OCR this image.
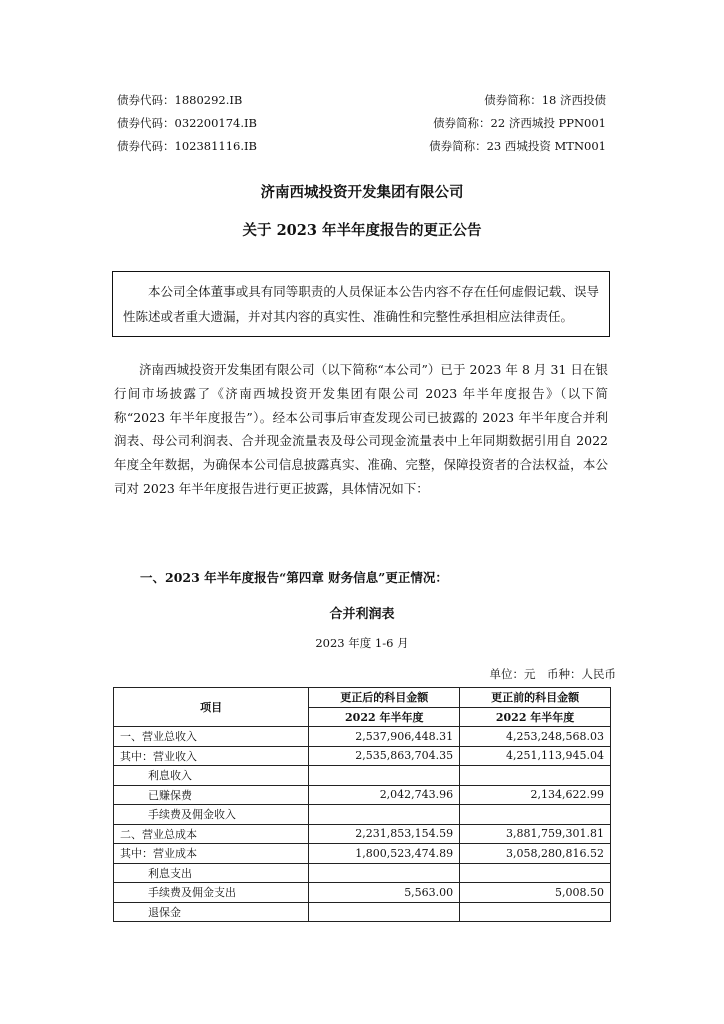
债券代码：1880292.IB	债券简称：18 济西投债
债券代码：032200174.IB	债券简称：22 济西城投 PPN001
债券代码：102381116.IB	债券简称：23 西城投资 MTN001
济南西城投资开发集团有限公司
关于 2023 年半年度报告的更正公告
本公司全体董事或具有同等职责的人员保证本公告内容不存在任何虚假记载、误导性陈述或者重大遗漏，并对其内容的真实性、准确性和完整性承担相应法律责任。
济南西城投资开发集团有限公司（以下简称“本公司”）已于 2023 年 8 月 31 日在银行间市场披露了《济南西城投资开发集团有限公司 2023 年半年度报告》（以下简称“2023 年半年度报告”）。经本公司事后审查发现公司已披露的 2023 年半年度合并利润表、母公司利润表、合并现金流量表及母公司现金流量表中上年同期数据引用自 2022 年度全年数据，为确保本公司信息披露真实、准确、完整，保障投资者的合法权益，本公司对 2023 年半年度报告进行更正披露，具体情况如下：
一、2023 年半年度报告“第四章 财务信息”更正情况：
合并利润表
2023 年度 1-6 月
单位：元　币种：人民币
项目	更正后的科目金额	更正前的科目金额
	2022 年半年度	2022 年半年度
一、营业总收入	2,537,906,448.31	4,253,248,568.03
其中：营业收入	2,535,863,704.35	4,251,113,945.04
利息收入		
已赚保费	2,042,743.96	2,134,622.99
手续费及佣金收入		
二、营业总成本	2,231,853,154.59	3,881,759,301.81
其中：营业成本	1,800,523,474.89	3,058,280,816.52
利息支出		
手续费及佣金支出	5,563.00	5,008.50
退保金		
